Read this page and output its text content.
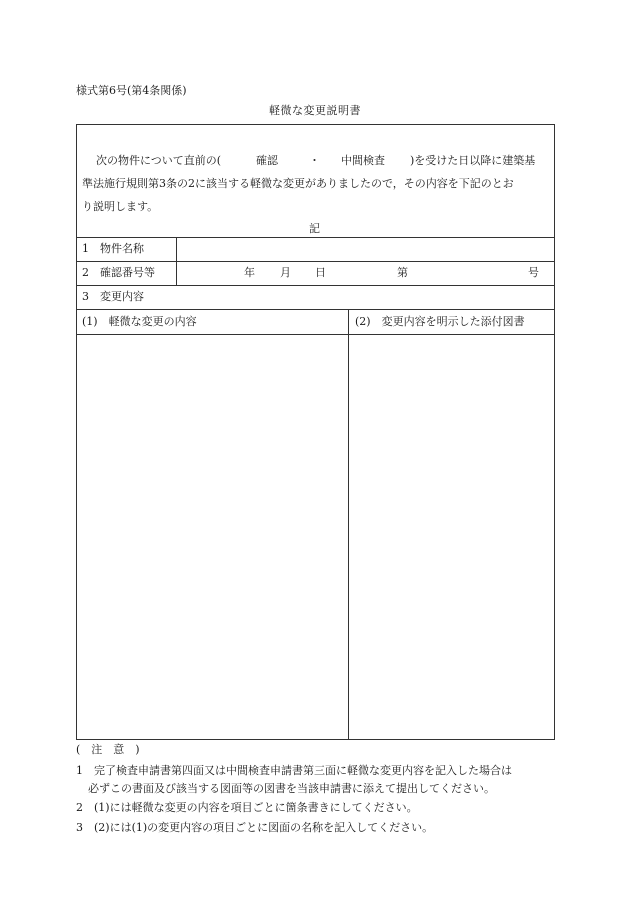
様式第6号(第4条関係)
軽微な変更説明書
次の物件について直前の(	確認	・ 中間検査 )を受けた日以降に建築基
準法施行規則第3条の2に該当する軽微な変更がありましたので，その内容を下記のとお
り説明します。
記
1　物件名称
2　確認番号等	年 月 日	第	号
3　変更内容
(1)　軽微な変更の内容	(2)　変更内容を明示した添付図書
(　注　意　)
1　完了検査申請書第四面又は中間検査申請書第三面に軽微な変更内容を記入した場合は
必ずこの書面及び該当する図面等の図書を当該申請書に添えて提出してください。
2　(1)には軽微な変更の内容を項目ごとに箇条書きにしてください。
3　(2)には(1)の変更内容の項目ごとに図面の名称を記入してください。
